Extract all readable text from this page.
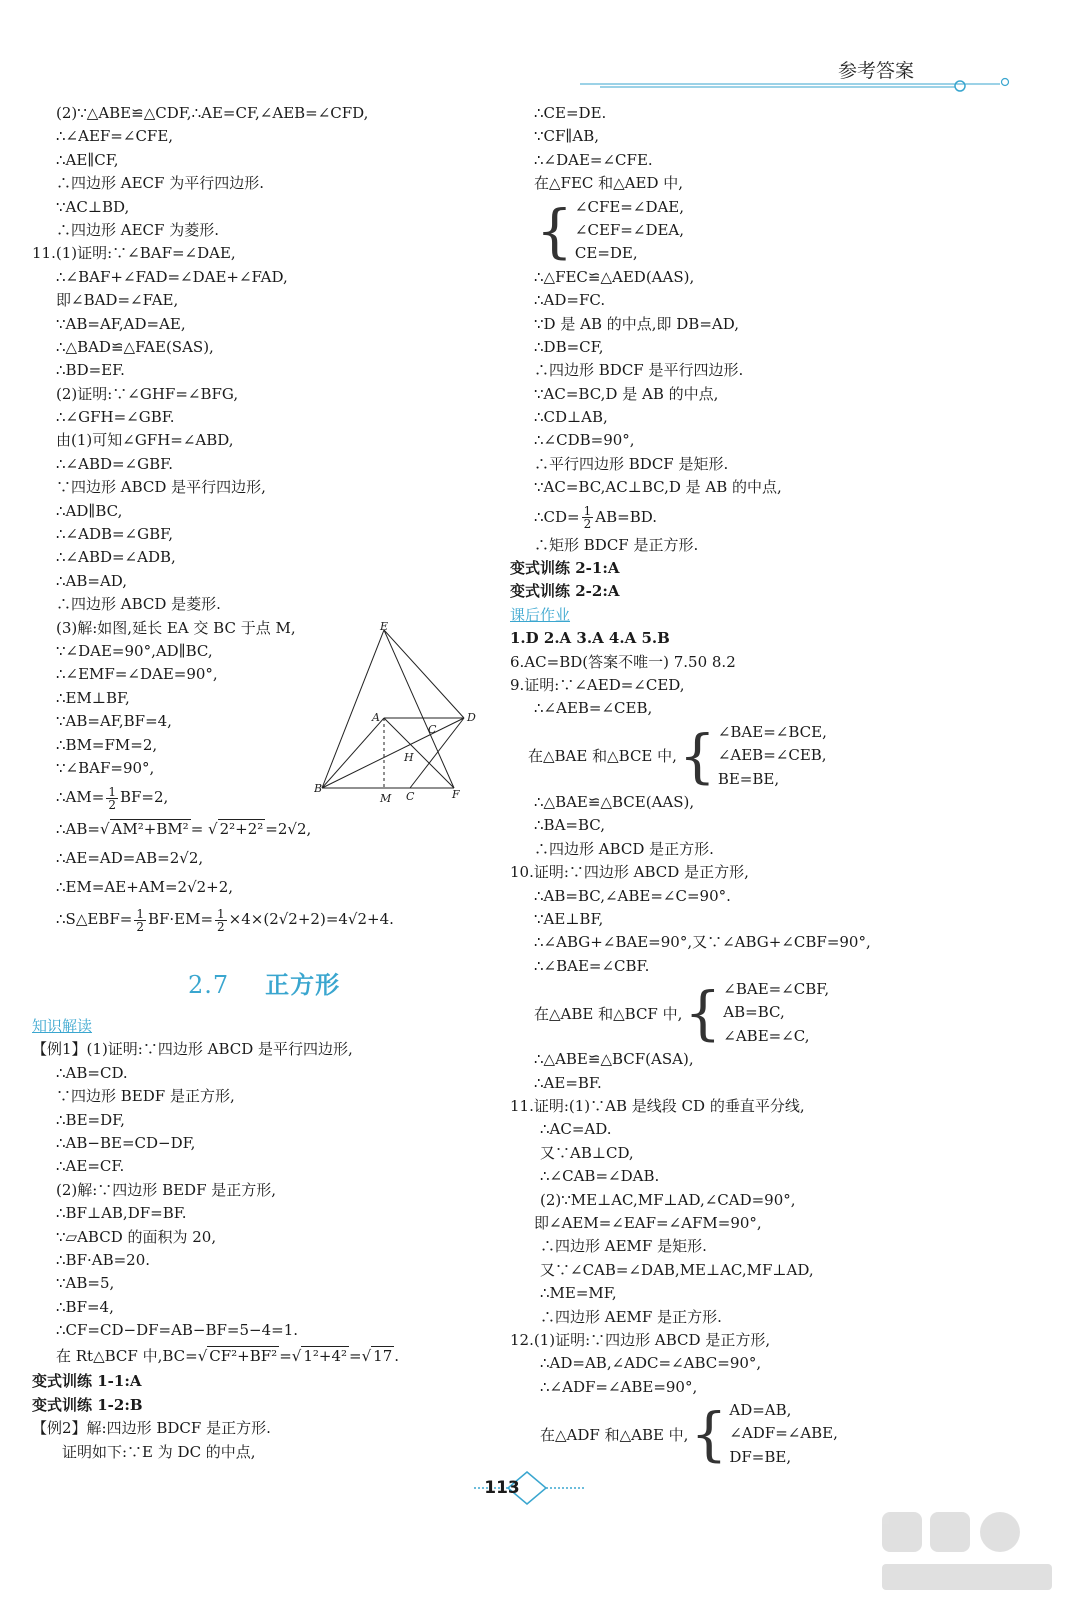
参考答案
(2)∵△ABE≌△CDF,∴AE=CF,∠AEB=∠CFD,
∴∠AEF=∠CFE,
∴AE∥CF,
∴四边形 AECF 为平行四边形.
∵AC⊥BD,
∴四边形 AECF 为菱形.
11.(1)证明:∵∠BAF=∠DAE,
∴∠BAF+∠FAD=∠DAE+∠FAD,
即∠BAD=∠FAE,
∵AB=AF,AD=AE,
∴△BAD≌△FAE(SAS),
∴BD=EF.
(2)证明:∵∠GHF=∠BFG,
∴∠GFH=∠GBF.
由(1)可知∠GFH=∠ABD,
∴∠ABD=∠GBF.
∵四边形 ABCD 是平行四边形,
∴AD∥BC,
∴∠ADB=∠GBF,
∴∠ABD=∠ADB,
∴AB=AD,
∴四边形 ABCD 是菱形.
(3)解:如图,延长 EA 交 BC 于点 M,
∵∠DAE=90°,AD∥BC,
∴∠EMF=∠DAE=90°,
∴EM⊥BF,
∵AB=AF,BF=4,
∴BM=FM=2,
∵∠BAF=90°,
∴AM= $\frac{1}{2} BF=2$,
∴AB=√ AM²+BM² = √ 2²+2² =2√2,
∴AE=AD=AB=2√2,
∴EM=AE+AM=2√2+2,
∴S△EBF= $\frac{1}{2} BF\cdot EM= \frac{1}{2} \times 4\times(2√2+2)=4√2+4$.
2.7 正方形
知识解读
【例1】(1)证明:∵四边形 ABCD 是平行四边形,
∴AB=CD.
∵四边形 BEDF 是正方形,
∴BE=DF,
∴AB−BE=CD−DF,
∴AE=CF.
(2)解:∵四边形 BEDF 是正方形,
∴BF⊥AB,DF=BF.
∵▱ABCD 的面积为 20,
∴BF·AB=20.
∵AB=5,
∴BF=4,
∴CF=CD−DF=AB−BF=5−4=1.
在 Rt△BCF 中,BC=√ CF²+BF² =√ 1²+4² =√ 17 .
变式训练 1-1:A
变式训练 1-2:B
【例2】解:四边形 BDCF 是正方形.
证明如下:∵E 为 DC 的中点,
E
A	D
C
H
B
M C	F
∴CE=DE.
∵CF∥AB,
∴∠DAE=∠CFE.
在△FEC 和△AED 中,
{ ∠CFE=∠DAE,
∠CEF=∠DEA,
CE=DE,
∴△FEC≌△AED(AAS),
∴AD=FC.
∵D 是 AB 的中点,即 DB=AD,
∴DB=CF,
∴四边形 BDCF 是平行四边形.
∵AC=BC,D 是 AB 的中点,
∴CD⊥AB,
∴∠CDB=90°,
∴平行四边形 BDCF 是矩形.
∵AC=BC,AC⊥BC,D 是 AB 的中点,
∴CD= $\frac{1}{2} AB=BD$.
∴矩形 BDCF 是正方形.
变式训练 2-1:A
变式训练 2-2:A
课后作业
1.D 2.A 3.A 4.A 5.B
6.AC=BD(答案不唯一) 7.50 8.2
9.证明:∵∠AED=∠CED,
∴∠AEB=∠CEB,
在△BAE 和△BCE 中, { ∠BAE=∠BCE,
∠AEB=∠CEB,
BE=BE,
∴△BAE≌△BCE(AAS),
∴BA=BC,
∴四边形 ABCD 是正方形.
10.证明:∵四边形 ABCD 是正方形,
∴AB=BC,∠ABE=∠C=90°.
∵AE⊥BF,
∴∠ABG+∠BAE=90°,又∵∠ABG+∠CBF=90°,
∴∠BAE=∠CBF.
在△ABE 和△BCF 中, { ∠BAE=∠CBF,
AB=BC,
∠ABE=∠C,
∴△ABE≌△BCF(ASA),
∴AE=BF.
11.证明:(1)∵AB 是线段 CD 的垂直平分线,
∴AC=AD.
又∵AB⊥CD,
∴∠CAB=∠DAB.
(2)∵ME⊥AC,MF⊥AD,∠CAD=90°,
即∠AEM=∠EAF=∠AFM=90°,
∴四边形 AEMF 是矩形.
又∵∠CAB=∠DAB,ME⊥AC,MF⊥AD,
∴ME=MF,
∴四边形 AEMF 是正方形.
12.(1)证明:∵四边形 ABCD 是正方形,
∴AD=AB,∠ADC=∠ABC=90°,
∴∠ADF=∠ABE=90°,
在△ADF 和△ABE 中, { AD=AB,
∠ADF=∠ABE,
DF=BE,
113
